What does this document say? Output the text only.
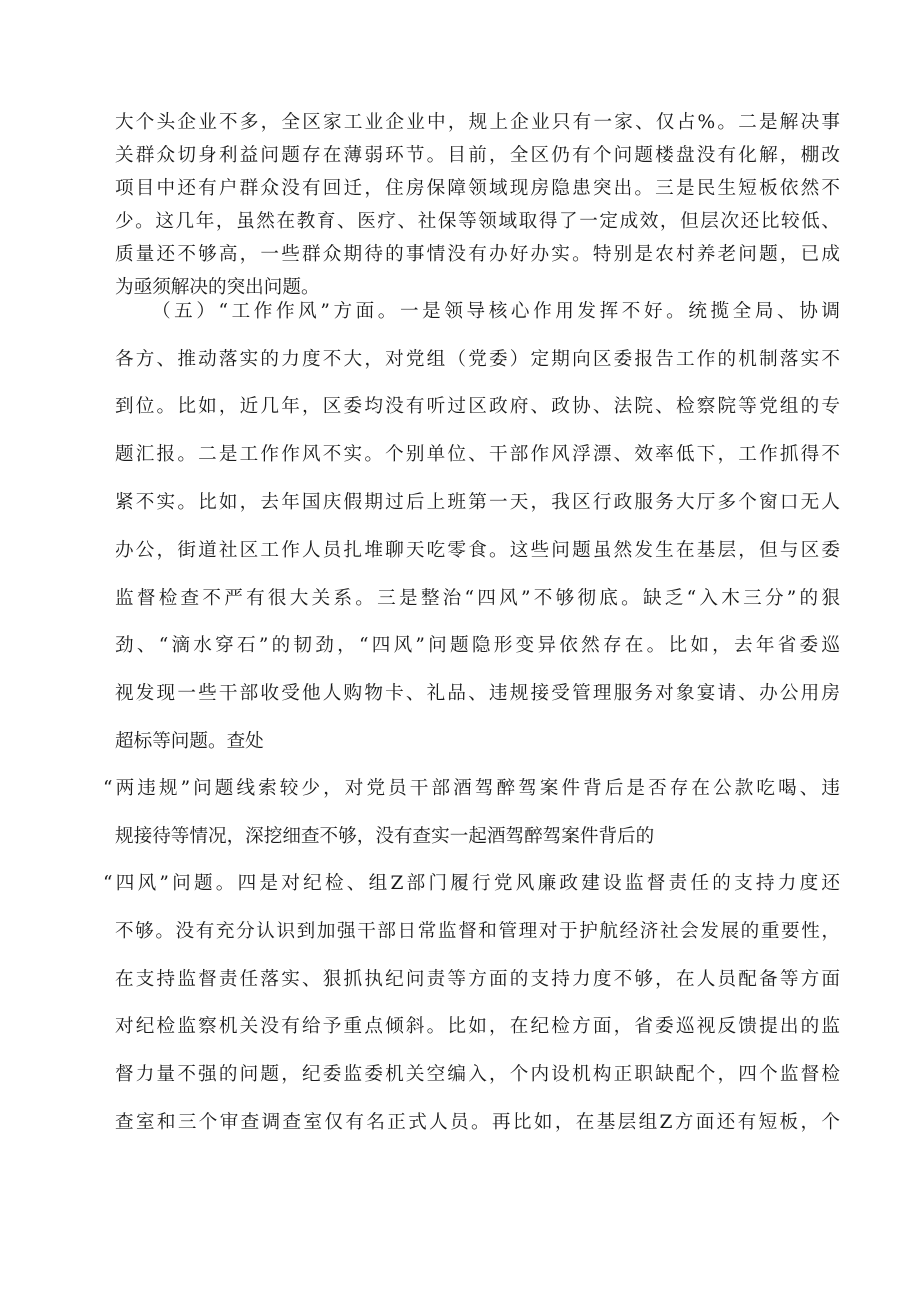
大个头企业不多，全区家工业企业中，规上企业只有一家、仅占%。二是解决事
关群众切身利益问题存在薄弱环节。目前，全区仍有个问题楼盘没有化解，棚改
项目中还有户群众没有回迁，住房保障领域现房隐患突出。三是民生短板依然不
少。这几年，虽然在教育、医疗、社保等领域取得了一定成效，但层次还比较低、
质量还不够高，一些群众期待的事情没有办好办实。特别是农村养老问题，已成
为亟须解决的突出问题。
（五）“工作作风”方面。一是领导核心作用发挥不好。统揽全局、协调
各方、推动落实的力度不大，对党组（党委）定期向区委报告工作的机制落实不
到位。比如，近几年，区委均没有听过区政府、政协、法院、检察院等党组的专
题汇报。二是工作作风不实。个别单位、干部作风浮漂、效率低下，工作抓得不
紧不实。比如，去年国庆假期过后上班第一天，我区行政服务大厅多个窗口无人
办公，街道社区工作人员扎堆聊天吃零食。这些问题虽然发生在基层，但与区委
监督检查不严有很大关系。三是整治“四风”不够彻底。缺乏“入木三分”的狠
劲、“滴水穿石”的韧劲，“四风”问题隐形变异依然存在。比如，去年省委巡
视发现一些干部收受他人购物卡、礼品、违规接受管理服务对象宴请、办公用房
超标等问题。查处
“两违规”问题线索较少，对党员干部酒驾醉驾案件背后是否存在公款吃喝、违
规接待等情况，深挖细查不够，没有查实一起酒驾醉驾案件背后的
“四风”问题。四是对纪检、组Z部门履行党风廉政建设监督责任的支持力度还
不够。没有充分认识到加强干部日常监督和管理对于护航经济社会发展的重要性，
在支持监督责任落实、狠抓执纪问责等方面的支持力度不够，在人员配备等方面
对纪检监察机关没有给予重点倾斜。比如，在纪检方面，省委巡视反馈提出的监
督力量不强的问题，纪委监委机关空编入，个内设机构正职缺配个，四个监督检
查室和三个审查调查室仅有名正式人员。再比如，在基层组Z方面还有短板，个
